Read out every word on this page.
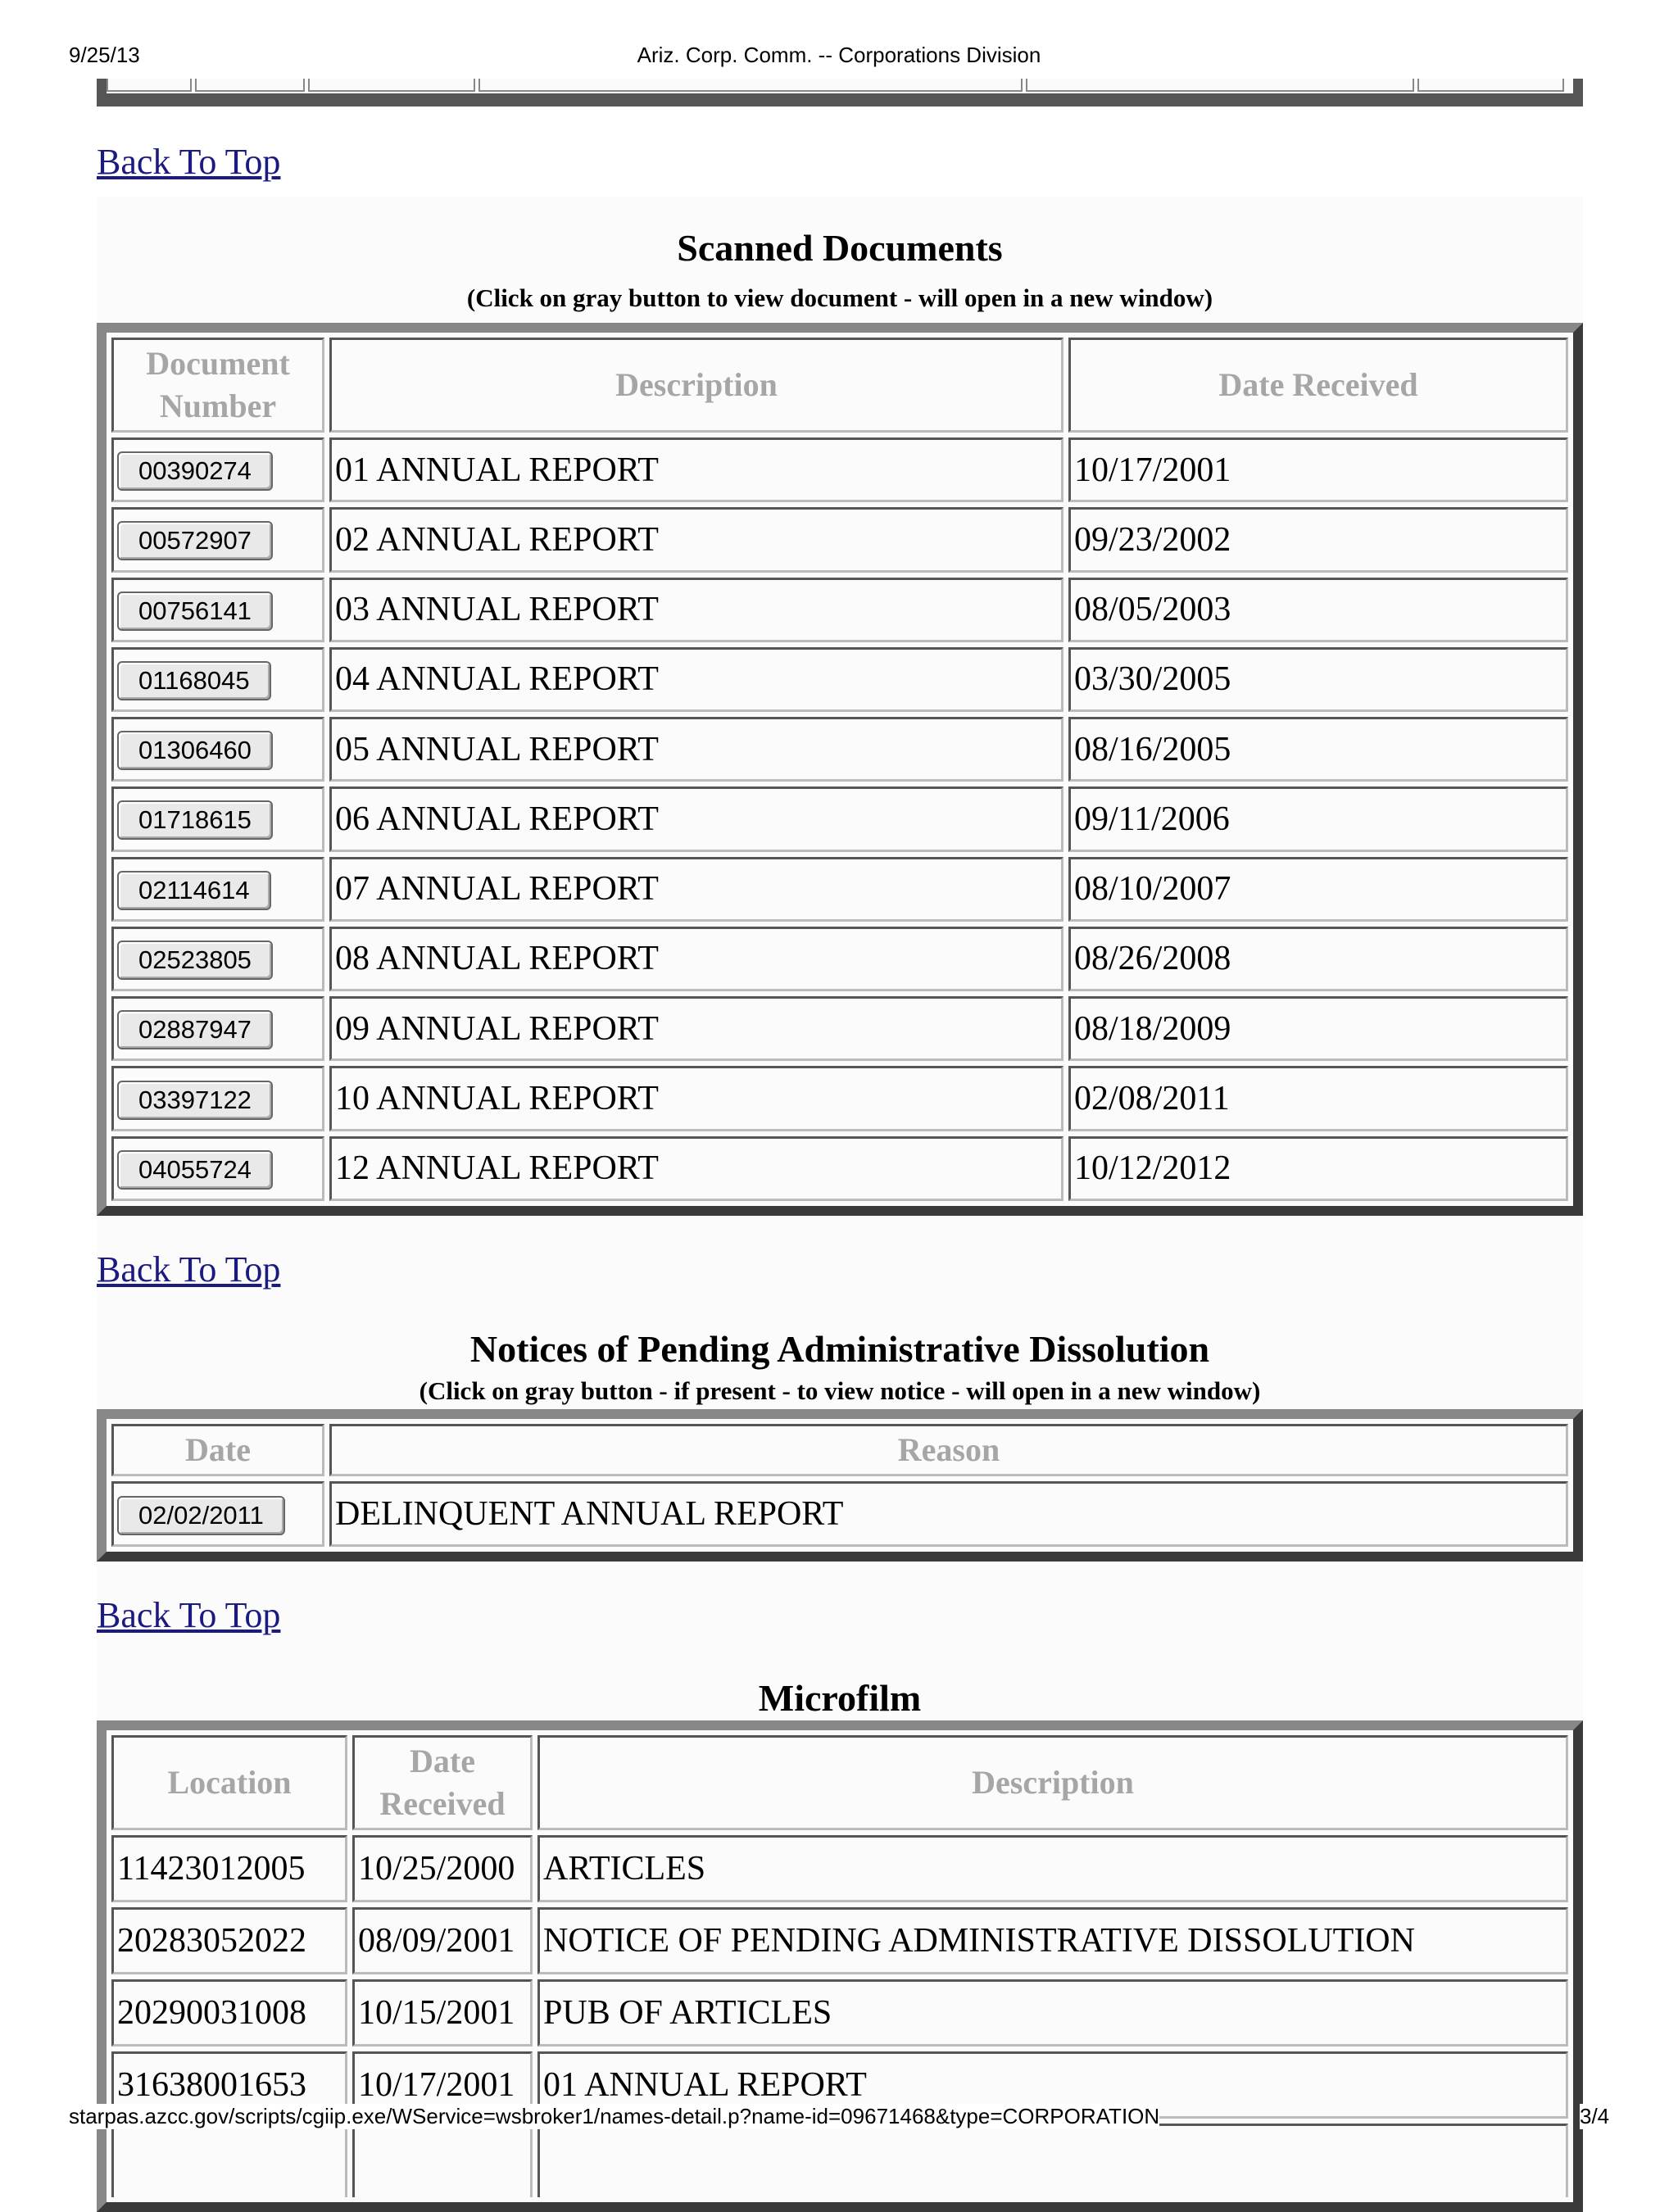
9/25/13	Ariz. Corp. Comm. -- Corporations Division
Back To Top
Scanned Documents
(Click on gray button to view document - will open in a new window)
Document Number	Description	Date Received
00390274	01 ANNUAL REPORT	10/17/2001
00572907	02 ANNUAL REPORT	09/23/2002
00756141	03 ANNUAL REPORT	08/05/2003
01168045	04 ANNUAL REPORT	03/30/2005
01306460	05 ANNUAL REPORT	08/16/2005
01718615	06 ANNUAL REPORT	09/11/2006
02114614	07 ANNUAL REPORT	08/10/2007
02523805	08 ANNUAL REPORT	08/26/2008
02887947	09 ANNUAL REPORT	08/18/2009
03397122	10 ANNUAL REPORT	02/08/2011
04055724	12 ANNUAL REPORT	10/12/2012
Back To Top
Notices of Pending Administrative Dissolution
(Click on gray button - if present - to view notice - will open in a new window)
Date	Reason
02/02/2011	DELINQUENT ANNUAL REPORT
Back To Top
Microfilm
Location	Date Received	Description
11423012005	10/25/2000	ARTICLES
20283052022	08/09/2001	NOTICE OF PENDING ADMINISTRATIVE DISSOLUTION
20290031008	10/15/2001	PUB OF ARTICLES
31638001653	10/17/2001	01 ANNUAL REPORT

starpas.azcc.gov/scripts/cgiip.exe/WService=wsbroker1/names-detail.p?name-id=09671468&type=CORPORATION	3/4
